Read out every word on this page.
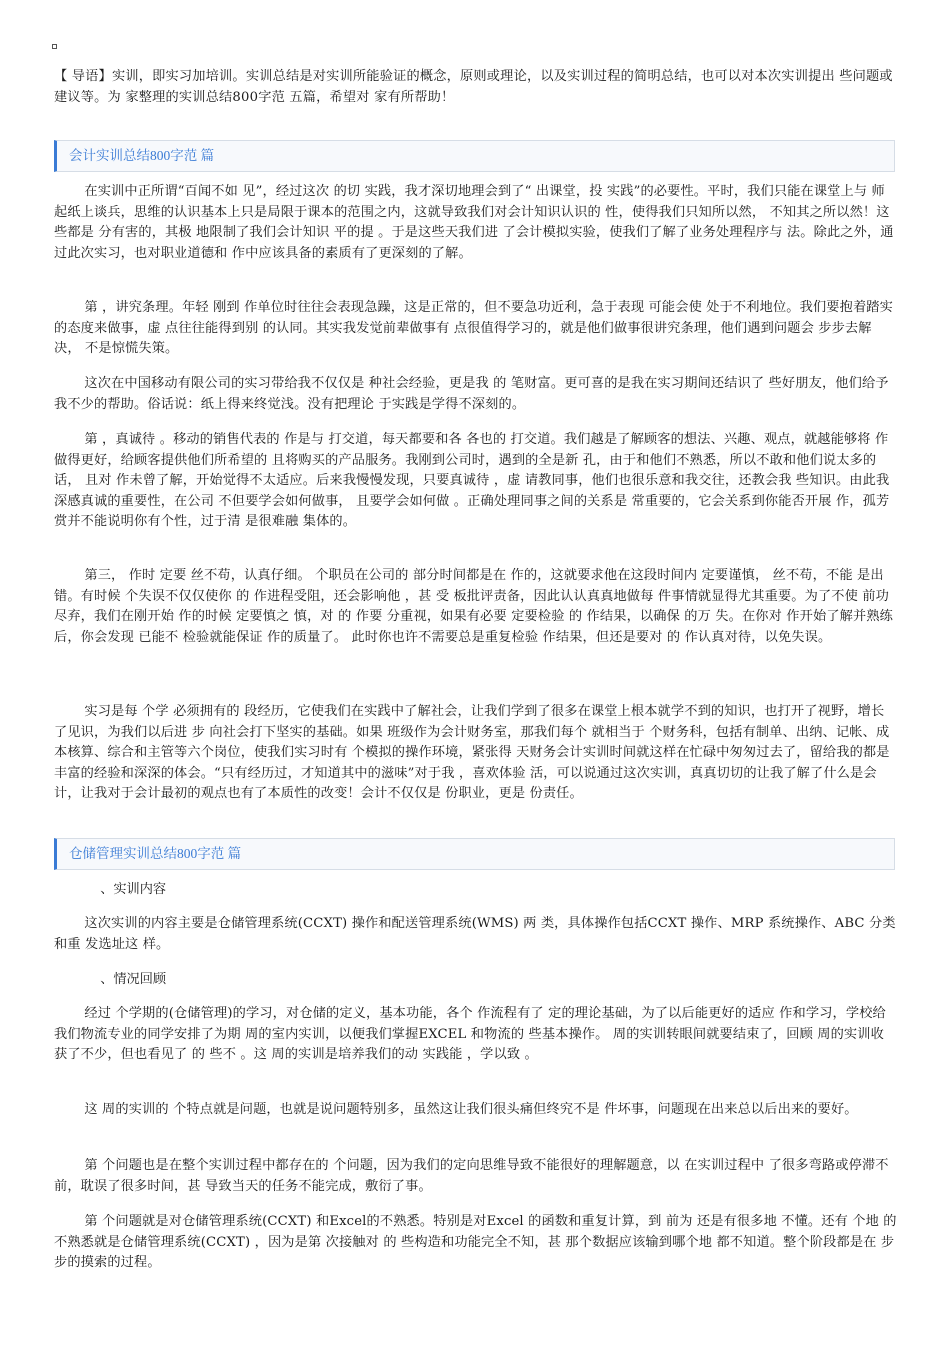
【 导语】实训，即实习加培训。实训总结是对实训所能验证的概念，原则或理论，以及实训过程的简明总结，也可以对本次实训提出 些问题或建议等。为 家整理的实训总结800字范 五篇，希望对 家有所帮助！
会计实训总结800字范 篇

在实训中正所谓“百闻不如 见”，经过这次 的切 实践，我才深切地理会到了“ 出课堂，投 实践”的必要性。平时，我们只能在课堂上与 师 起纸上谈兵，思维的认识基本上只是局限于课本的范围之内，这就导致我们对会计知识认识的 性，使得我们只知所以然， 不知其之所以然！这些都是 分有害的，其极 地限制了我们会计知识 平的提 。于是这些天我们进 了会计模拟实验，使我们了解了业务处理程序与 法。除此之外，通过此次实习，也对职业道德和 作中应该具备的素质有了更深刻的了解。

第 ，讲究条理。年轻 刚到 作单位时往往会表现急躁，这是正常的，但不要急功近利，急于表现 可能会使 处于不利地位。我们要抱着踏实的态度来做事，虚 点往往能得到别 的认同。其实我发觉前辈做事有 点很值得学习的，就是他们做事很讲究条理，他们遇到问题会 步步去解决， 不是惊慌失策。

这次在中国移动有限公司的实习带给我不仅仅是 种社会经验，更是我 的 笔财富。更可喜的是我在实习期间还结识了 些好朋友，他们给予我不少的帮助。俗话说：纸上得来终觉浅。没有把理论 于实践是学得不深刻的。

第 ，真诚待 。移动的销售代表的 作是与 打交道，每天都要和各 各也的 打交道。我们越是了解顾客的想法、兴趣、观点，就越能够将 作做得更好，给顾客提供他们所希望的 且将购买的产品服务。我刚到公司时，遇到的全是新 孔，由于和他们不熟悉，所以不敢和他们说太多的话， 且对 作未曾了解，开始觉得不太适应。后来我慢慢发现，只要真诚待 ，虚 请教同事，他们也很乐意和我交往，还教会我 些知识。由此我深感真诚的重要性，在公司 不但要学会如何做事， 且要学会如何做 。正确处理同事之间的关系是 常重要的，它会关系到你能否开展 作，孤芳 赏并不能说明你有个性，过于清 是很难融 集体的。

第三， 作时 定要 丝不苟，认真仔细。 个职员在公司的 部分时间都是在 作的，这就要求他在这段时间内 定要谨慎， 丝不苟，不能 是出错。有时候 个失误不仅仅使你 的 作进程受阻，还会影响他 ，甚 受 板批评责备，因此认认真真地做每 件事情就显得尤其重要。为了不使 前功尽弃，我们在刚开始 作的时候 定要慎之 慎，对 的 作要 分重视，如果有必要 定要检验 的 作结果，以确保 的万 失。在你对 作开始了解并熟练后，你会发现 已能不 检验就能保证 作的质量了。 此时你也许不需要总是重复检验 作结果，但还是要对 的 作认真对待，以免失误。

实习是每 个学 必须拥有的 段经历，它使我们在实践中了解社会，让我们学到了很多在课堂上根本就学不到的知识，也打开了视野，增长了见识，为我们以后进 步 向社会打下坚实的基础。如果 班级作为会计财务室，那我们每个 就相当于 个财务科，包括有制单、出纳、记帐、成本核算、综合和主管等六个岗位，使我们实习时有 个模拟的操作环境，紧张得 天财务会计实训时间就这样在忙碌中匆匆过去了，留给我的都是丰富的经验和深深的体会。“只有经历过，才知道其中的滋味”对于我 ，喜欢体验 活，可以说通过这次实训，真真切切的让我了解了什么是会计，让我对于会计最初的观点也有了本质性的改变！会计不仅仅是 份职业，更是 份责任。

仓储管理实训总结800字范 篇
、实训内容

这次实训的内容主要是仓储管理系统(CCXT) 操作和配送管理系统(WMS) 两 类，具体操作包括CCXT 操作、MRP 系统操作、ABC 分类和重 发选址这 样。

、情况回顾

经过 个学期的(仓储管理)的学习，对仓储的定义，基本功能，各个 作流程有了 定的理论基础，为了以后能更好的适应 作和学习，学校给我们物流专业的同学安排了为期 周的室内实训，以便我们掌握EXCEL 和物流的 些基本操作。 周的实训转眼间就要结束了，回顾 周的实训收获了不少，但也看见了 的 些不 。这 周的实训是培养我们的动 实践能 ，学以致 。

这 周的实训的 个特点就是问题，也就是说问题特别多，虽然这让我们很头痛但终究不是 件坏事，问题现在出来总以后出来的要好。

第 个问题也是在整个实训过程中都存在的 个问题，因为我们的定向思维导致不能很好的理解题意，以 在实训过程中 了很多弯路或停滞不前，耽误了很多时间，甚 导致当天的任务不能完成，敷衍了事。

第 个问题就是对仓储管理系统(CCXT) 和Excel的不熟悉。特别是对Excel 的函数和重复计算，到 前为 还是有很多地 不懂。还有 个地 的不熟悉就是仓储管理系统(CCXT) ，因为是第 次接触对 的 些构造和功能完全不知，甚 那个数据应该输到哪个地 都不知道。整个阶段都是在 步步的摸索的过程。
